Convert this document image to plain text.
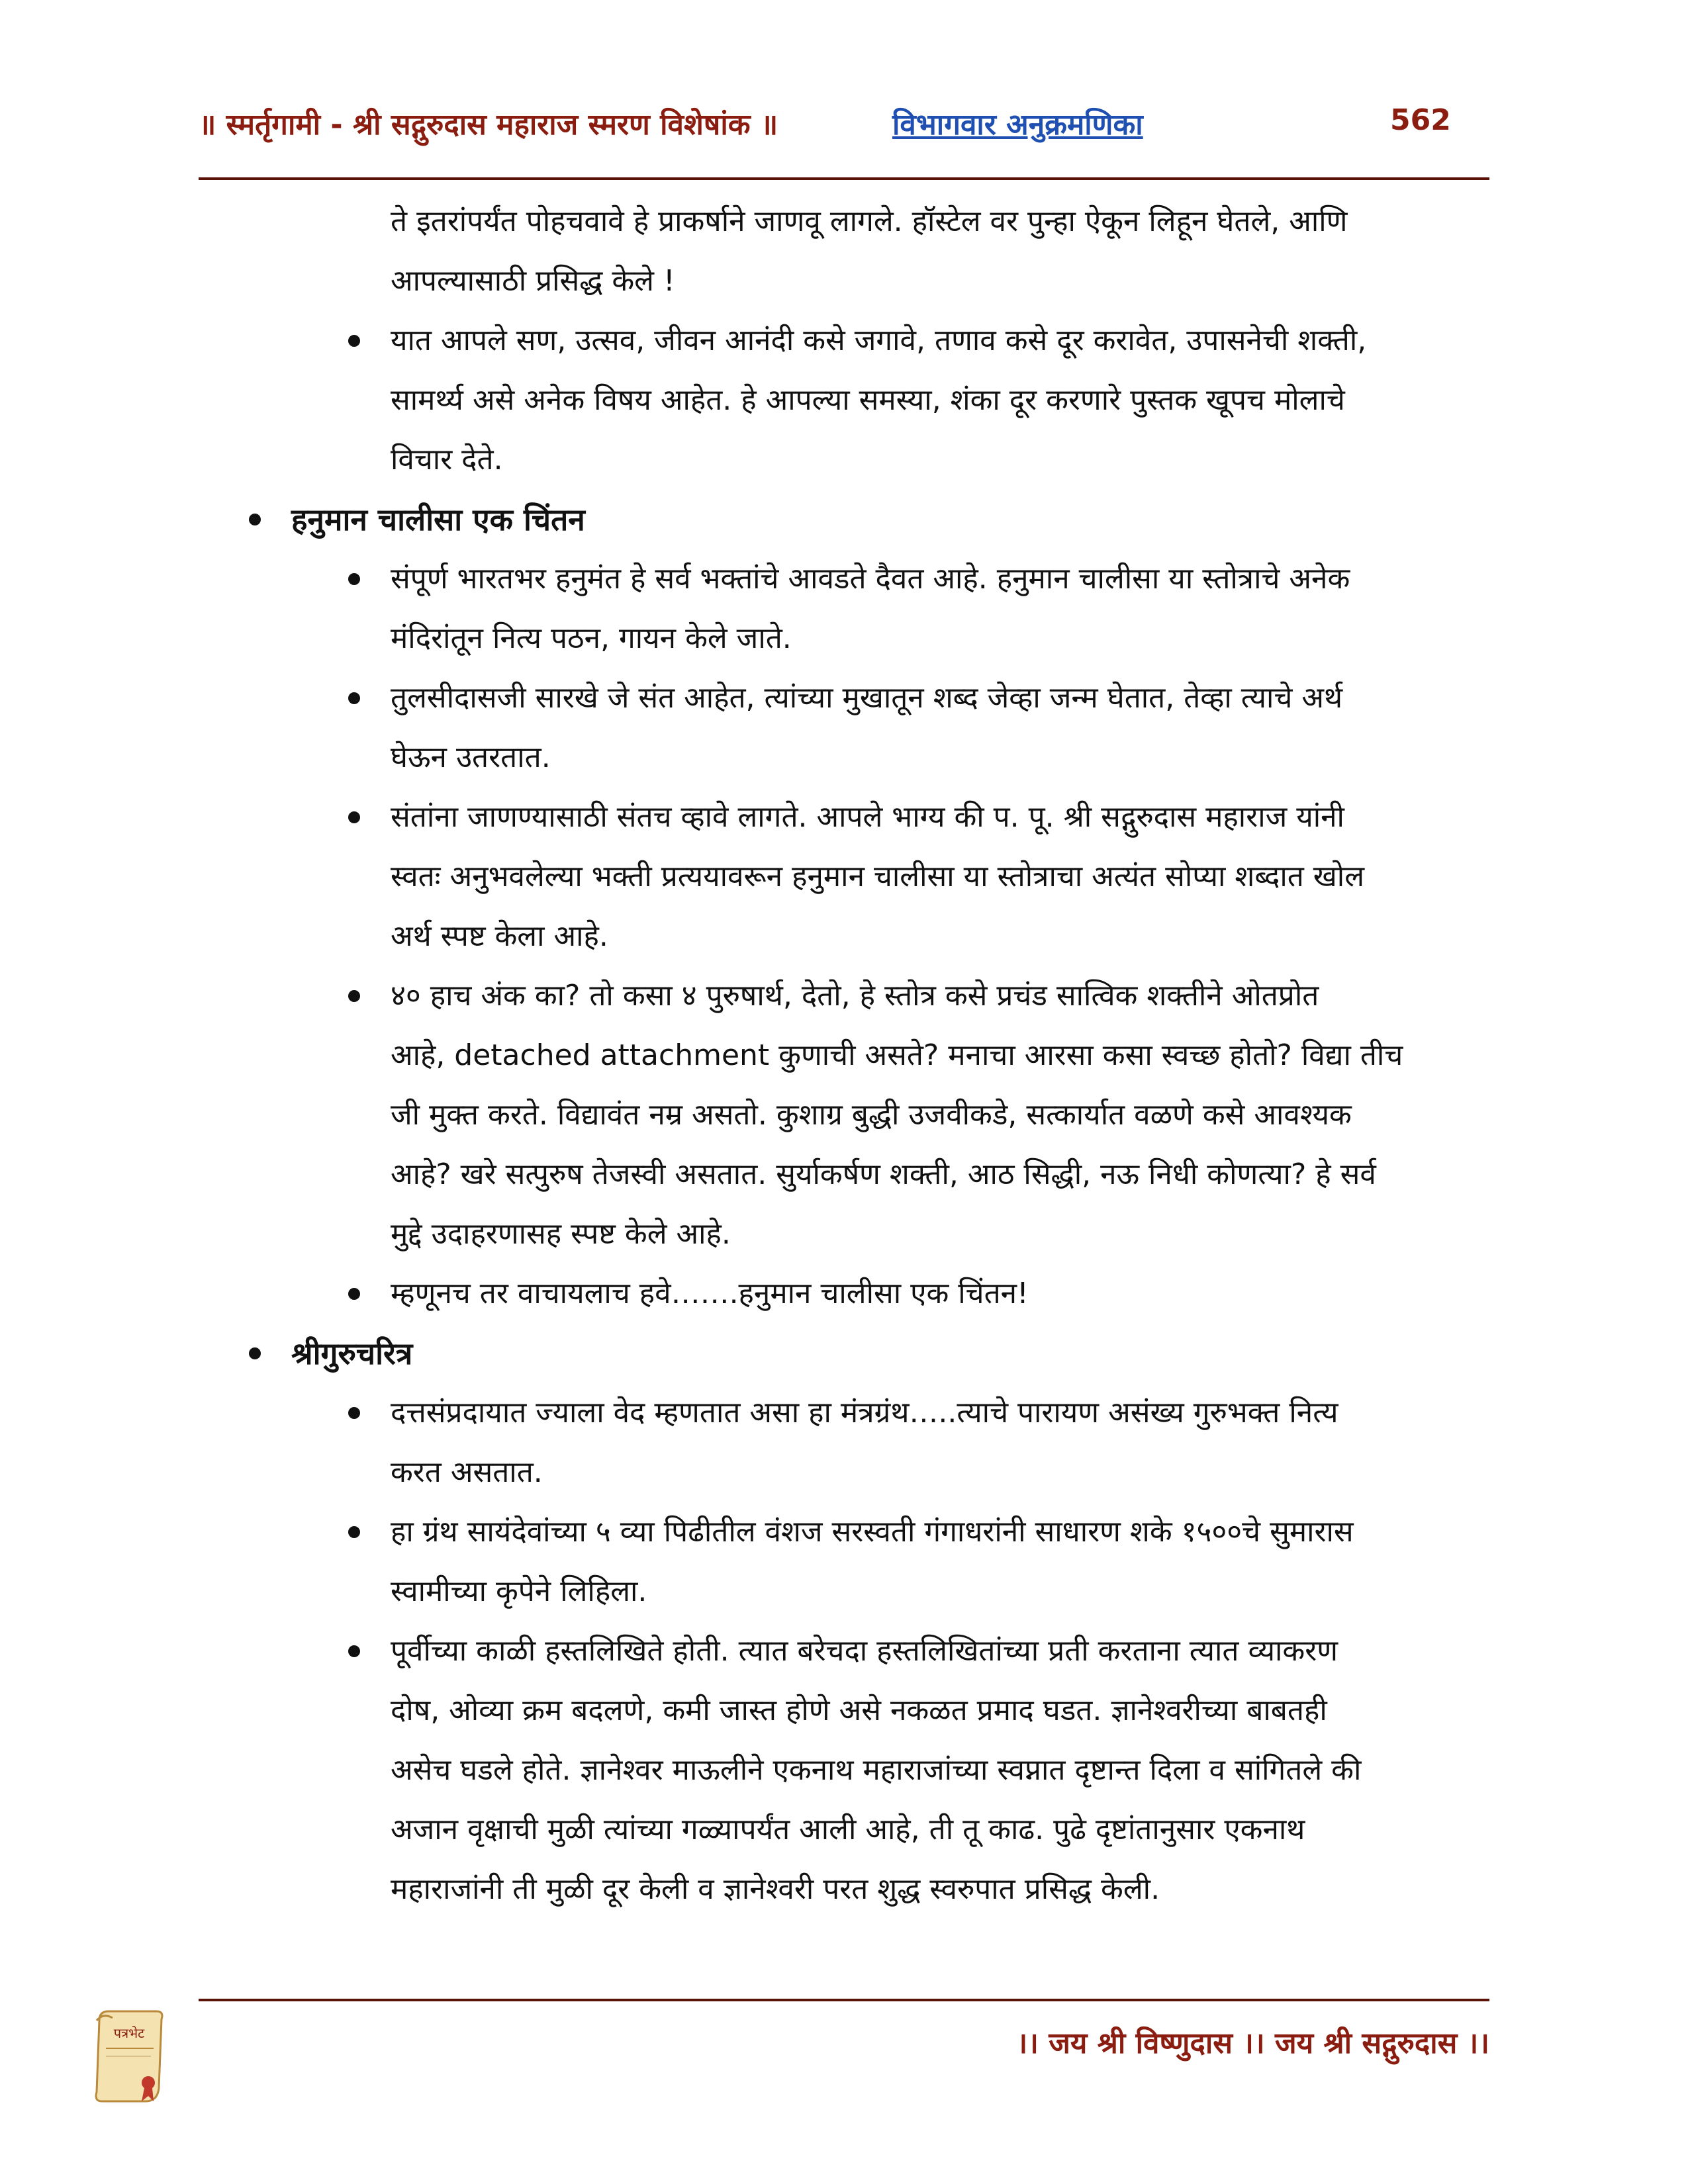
॥ स्मर्तृगामी - श्री सद्गुरुदास महाराज स्मरण विशेषांक ॥	विभागवार अनुक्रमणिका	562
ते इतरांपर्यंत पोहचवावे हे प्राकर्षाने जाणवू लागले. हॉस्टेल वर पुन्हा ऐकून लिहून घेतले, आणि
आपल्यासाठी प्रसिद्ध केले !
यात आपले सण, उत्सव, जीवन आनंदी कसे जगावे, तणाव कसे दूर करावेत, उपासनेची शक्ती,
सामर्थ्य असे अनेक विषय आहेत. हे आपल्या समस्या, शंका दूर करणारे पुस्तक खूपच मोलाचे
विचार देते.
हनुमान चालीसा एक चिंतन
संपूर्ण भारतभर हनुमंत हे सर्व भक्तांचे आवडते दैवत आहे. हनुमान चालीसा या स्तोत्राचे अनेक
मंदिरांतून नित्य पठन, गायन केले जाते.
तुलसीदासजी सारखे जे संत आहेत, त्यांच्या मुखातून शब्द जेव्हा जन्म घेतात, तेव्हा त्याचे अर्थ
घेऊन उतरतात.
संतांना जाणण्यासाठी संतच व्हावे लागते. आपले भाग्य की प. पू. श्री सद्गुरुदास महाराज यांनी
स्वतः अनुभवलेल्या भक्ती प्रत्ययावरून हनुमान चालीसा या स्तोत्राचा अत्यंत सोप्या शब्दात खोल
अर्थ स्पष्ट केला आहे.
४० हाच अंक का? तो कसा ४ पुरुषार्थ, देतो, हे स्तोत्र कसे प्रचंड सात्विक शक्तीने ओतप्रोत
आहे, detached attachment कुणाची असते? मनाचा आरसा कसा स्वच्छ होतो? विद्या तीच
जी मुक्त करते. विद्यावंत नम्र असतो. कुशाग्र बुद्धी उजवीकडे, सत्कार्यात वळणे कसे आवश्यक
आहे? खरे सत्पुरुष तेजस्वी असतात. सुर्याकर्षण शक्ती, आठ सिद्धी, नऊ निधी कोणत्या? हे सर्व
मुद्दे उदाहरणासह स्पष्ट केले आहे.
म्हणूनच तर वाचायलाच हवे…….हनुमान चालीसा एक चिंतन!
श्रीगुरुचरित्र
दत्तसंप्रदायात ज्याला वेद म्हणतात असा हा मंत्रग्रंथ…..त्याचे पारायण असंख्य गुरुभक्त नित्य
करत असतात.
हा ग्रंथ सायंदेवांच्या ५ व्या पिढीतील वंशज सरस्वती गंगाधरांनी साधारण शके १५००चे सुमारास
स्वामीच्या कृपेने लिहिला.
पूर्वीच्या काळी हस्तलिखिते होती. त्यात बरेचदा हस्तलिखितांच्या प्रती करताना त्यात व्याकरण
दोष, ओव्या क्रम बदलणे, कमी जास्त होणे असे नकळत प्रमाद घडत. ज्ञानेश्वरीच्या बाबतही
असेच घडले होते. ज्ञानेश्वर माऊलीने एकनाथ महाराजांच्या स्वप्नात दृष्टान्त दिला व सांगितले की
अजान वृक्षाची मुळी त्यांच्या गळ्यापर्यंत आली आहे, ती तू काढ. पुढे दृष्टांतानुसार एकनाथ
महाराजांनी ती मुळी दूर केली व ज्ञानेश्वरी परत शुद्ध स्वरुपात प्रसिद्ध केली.
पत्रभेट	।। जय श्री विष्णुदास ।। जय श्री सद्गुरुदास ।।
